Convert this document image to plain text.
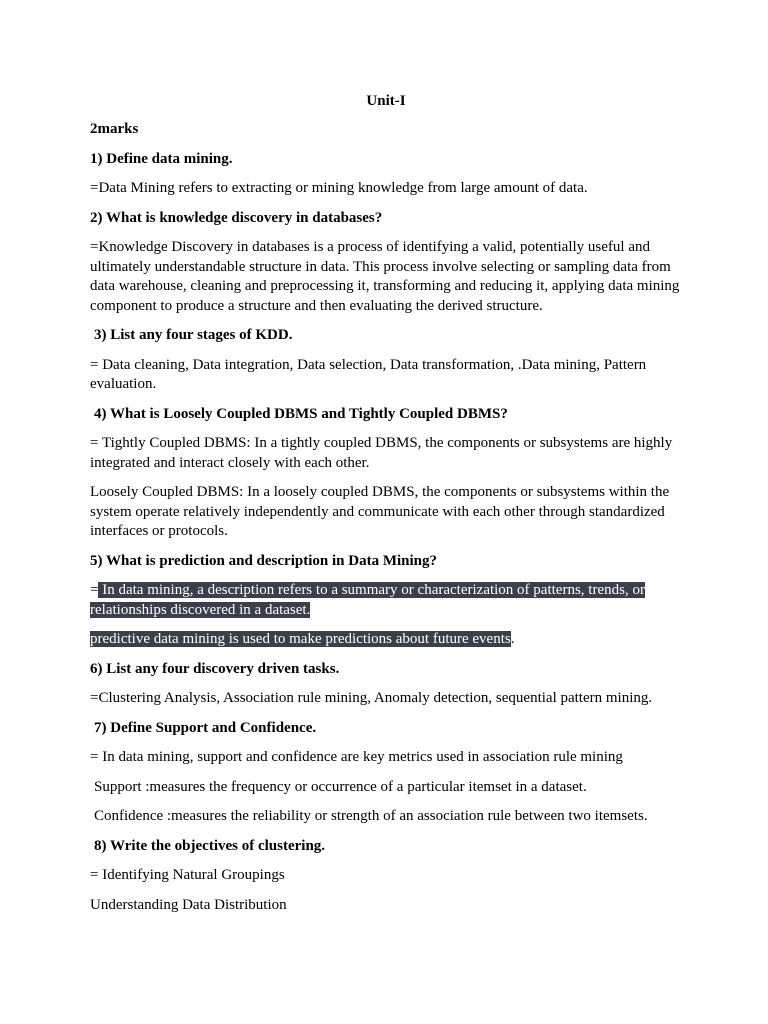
Unit-I

2marks

1) Define data mining.

=Data Mining refers to extracting or mining knowledge from large amount of data.

2) What is knowledge discovery in databases?

=Knowledge Discovery in databases is a process of identifying a valid, potentially useful and ultimately understandable structure in data. This process involve selecting or sampling data from data warehouse, cleaning and preprocessing it, transforming and reducing it, applying data mining component to produce a structure and then evaluating the derived structure.

3) List any four stages of KDD.

= Data cleaning, Data integration, Data selection, Data transformation, .Data mining, Pattern evaluation.

4) What is Loosely Coupled DBMS and Tightly Coupled DBMS?

= Tightly Coupled DBMS: In a tightly coupled DBMS, the components or subsystems are highly integrated and interact closely with each other.

Loosely Coupled DBMS: In a loosely coupled DBMS, the components or subsystems within the system operate relatively independently and communicate with each other through standardized interfaces or protocols.

5) What is prediction and description in Data Mining?

= In data mining, a description refers to a summary or characterization of patterns, trends, or relationships discovered in a dataset.

predictive data mining is used to make predictions about future events.

6) List any four discovery driven tasks.

=Clustering Analysis, Association rule mining, Anomaly detection, sequential pattern mining.

7) Define Support and Confidence.

= In data mining, support and confidence are key metrics used in association rule mining

Support :measures the frequency or occurrence of a particular itemset in a dataset.

Confidence :measures the reliability or strength of an association rule between two itemsets.

8) Write the objectives of clustering.

= Identifying Natural Groupings

Understanding Data Distribution
